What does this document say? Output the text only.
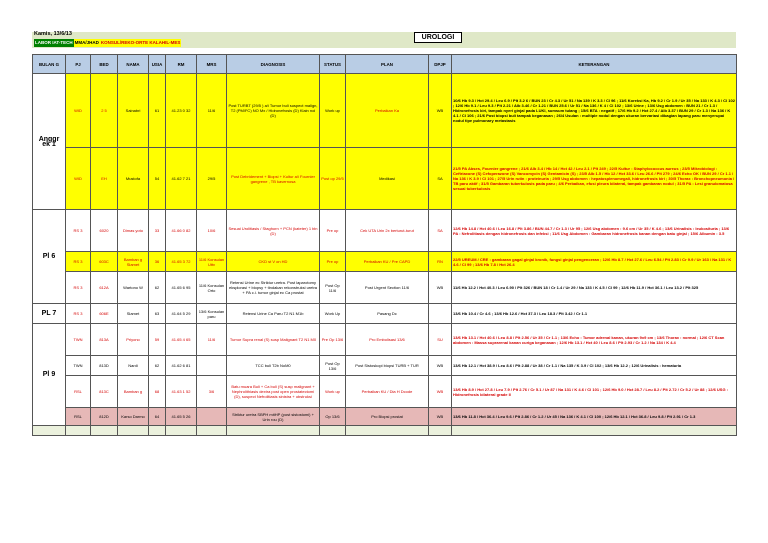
Kamis, 13/6/13
LABOR IAT-TECH MMA/JHAD KONSUL/REKO-ORTE KALAHIL-MES
UROLOGI
BULAN G	PJ	BED	NAMA	USIA	RM	MRS	DIAGNOSIS	STATUS	PLAN	DPJP	KETERANGAN
Anggr ek 1	WID	2 5	Sainabri	61	41.23 0 32	11/6	Post TURBT (29/5 ) a/i Tumor buli suspect malign, T2 (PM/FC) NO Mx / Hidronefrosis (D) Klain nol (D)	Work up	Perbaikan Ka	WB	10/6 Hb 9.3 / Hct 29.4 / Leu 6.9 / Plt 3.2 6 / BUN 23 / Cr 4.3 / Ur 51 / Na 139 / K 3.3 / Cl 96 ; 11/6 Koreksi Ka, Hb 9.2 / Cr 1.9 / Ur 35 / Na 133 / K 4.3 / Cl 102 ; 12/6 Hb 9.1 / Leu 9.3 / Plt 2.21 / Alb 3.46 / Cr 1.21 / BUN 25.6 / Ur 51 / Na 136 / K 4 / Cl 102 ; 13/6 Urine ; 13/6 Usg abdomen : BUN 21 / Cr 1.3 / Hidronefrosis kiri, tampak nyeri ginjal pada LUKI, sumsum tulang ; 15/6 BTA : negatif ; 17/6 Hb 9.2 / Hct 27.4 / Alb 3.37 / BUN 29 / Cr 1.3 / Na 136 / K 4.1 / Cl 106 ; 21/6 Post biopsi buli tampak keganasan ; 26/4 Usulan : multiple nodul dengan ukuran bervariasi dibagian lapang paru menyerupai nodul tipe pulmonary metastasis
	WID	EH	Mustofa	54	41.62 7 21	29/5	Post Debridement + Biopsi + Kultur a/i Fournier gangrene , TB kavernosa	Post op 29/5	Medikasi	SA	21/5 PA Abses, Fournier gangrene ; 21/6 Alb 3.4 / Hb 14 / Hct 42 / Leu 2.1 / Plt 249 ; 22/5 Kultur : Staphylococcus aureus ; 23/5 Mikrobiologi : Ceftriaxone (S) Cefoperazone (S) Vancomycin (S) Gentamicin (S) ; 23/5 Alb 1.5 / Hb 12 / Hct 33.6 / Leu 26.6 / Plt 279 ; 24/6 Echo OK / BUN 29 / Cr 1.1 / Na 136 / K 3.9 / Cl 101 ; 27/5 Urin rutin : proteinuria ; 29/5 Usg abdomen : hepatosplenomegali, hidronefrosis kiri ; 30/5 Thorax : Bronchopneumonia / TB paru aktif ; 31/5 Gambaran tuberkulosis pada paru ; 4/6 Perbaikan, efusi pleura bilateral, tampak gambaran nodul ; 31/5 PA : Lesi granulomatosa sesuai tuberkulosis
Pl 6	RS 3	6020	Dimas yoto	33	41.66 0 82	10/6	Sesuai Urolitiasis / Staghorn + PCN (kateter) 1 bln (D)	Pre op	Cek UTA Urin 2x berturut-turut	SA	12/6 Hb 14.8 / Hct 40.6 / Leu 16.8 / Plt 3.86 / BUN 44.7 / Cr 1.3 / Ur 95 ; 12/6 Usg abdomen : 9.6 cm / Ur 35 / K 4.6 ; 13/6 Urinalisis : leukosituria ; 13/6 PA : Nefrolitiasis dengan hidronefrosis dan infeksi ; 11/6 Usg Abdomen : Gambaran hidronefrosis kanan dengan batu ginjal ; 15/6 Albumin : 3.5
	RS 3	603C	Bamban g Slamet	36	41.65 3 72	11/6 Konsulan Uttv	CKD st V on HD	Pre op	Perbaikan KU / Pre CAPD	RN	22/5 UREUM / CRE : gambaran gagal ginjal kronik, fungsi ginjal pengenceran ; 12/6 Hb 8.7 / Hct 27.6 / Leu 6.54 / Plt 2.83 / Cr 9.9 / Ur 163 / Na 131 / K 4.6 / Cl 99 ; 13/6 Hb 7.8 / Hct 26.4
	RS 3	612A	Wartono W	62	41.65 6 95	11/6 Konsulan Orto	Retensi Urine ec Striktur uretra. Post laparotomy eksplorasi + biopsy + tindakan rekonstruksi uretra + PA c.i. tumor ginjal ec Ca prostat	Post Op 11/6	Post Urgent Section 11/6	WB	11/6 Hb 12.2 / Hct 40.3 / Leu 6.90 / Plt 326 / BUN 18 / Cr 1.4 / Ur 29 / Na 133 / K 4.5 / Cl 99 ; 12/6 Hb 11.9 / Hct 36.1 / Leu 13.2 / Plt 325
PL 7	RS 3	606E	Slamet	63	41.64 5 29	13/6 Konsulan paru	Retensi Urine Ca Paru T2 N1 M1b	Work Up	Pasang Dc		13/6 Hb 10.4 / Cr 4.6 ; 13/6 Hb 12.6 / Hct 37.3 / Leu 18.3 / Plt 3.42 / Cr 1.1
Pl 9	TWN	813A	Priyono	59	41.65 4 65	11/6	Tumor Supra renal (S) susp Malignant T2 N1 M0	Pre Op 13/6	Pro Embolisasi 13/6	SU	13/6 Hb 13.1 / Hct 40.6 / Leu 8.8 / Plt 2.56 / Ur 35 / Cr 1.1 ; 13/6 Echo : Tumor adrenal kanan, ukuran 9x9 cm ; 13/6 Thorax : normal ; 12/6 CT Scan abdomen : Massa suprarenal kanan curiga keganasan ; 12/6 Hb 13.1 / Hct 40 / Leu 8.6 / Plt 2.93 / Cr 1.2 / Na 134 / K 4.4
	TWN	813D	Nardi	62	41.62 6 81		TCC buli T2b NoM0	Post Op 13/6	Post Sistoskopi biopsi TURB + TUR	WB	13/6 Hb 12.1 / Hct 38.9 / Leu 8.6 / Plt 2.88 / Ur 38 / Cr 1.1 / Na 135 / K 3.9 / Cl 102 ; 13/6 Hb 12.2 ; 12/6 Urinalisis : hematuria
	RSL	813C	Bamban g	68	41.63 1 52	3/6	Batu muara Buli + Ca buli (S) susp malignant + Nephrolithiasis dextra post open prostatectomi (D), suspect Nefrolitiasis sinistra + obstruksi	Work up	Perbaikan KU / Dia H Dcode	WB	13/6 Hb 8.9 / Hct 27.8 / Leu 7.9 / Plt 2.76 / Cr 5.1 / Ur 87 / Na 131 / K 4.6 / Cl 101 ; 12/6 Hb 9.0 / Hct 28.7 / Leu 8.2 / Plt 2.72 / Cr 5.2 / Ur 88 ; 12/6 USG : Hidronefrosis bilateral grade II
	RSL	812D	Karso Darmo	64	41.65 5 26		Striktur uretra SBPH mitHP (post sistostomi) + Urin rou (D)	Op 13/6	Pro Biopsi prostat	WB	13/6 Hb 11.8 / Hct 36.4 / Leu 9.6 / Plt 2.86 / Cr 1.2 / Ur 45 / Na 136 / K 4.1 / Cl 100 ; 12/6 Hb 12.1 / Hct 36.8 / Leu 9.8 / Plt 2.91 / Cr 1.3
